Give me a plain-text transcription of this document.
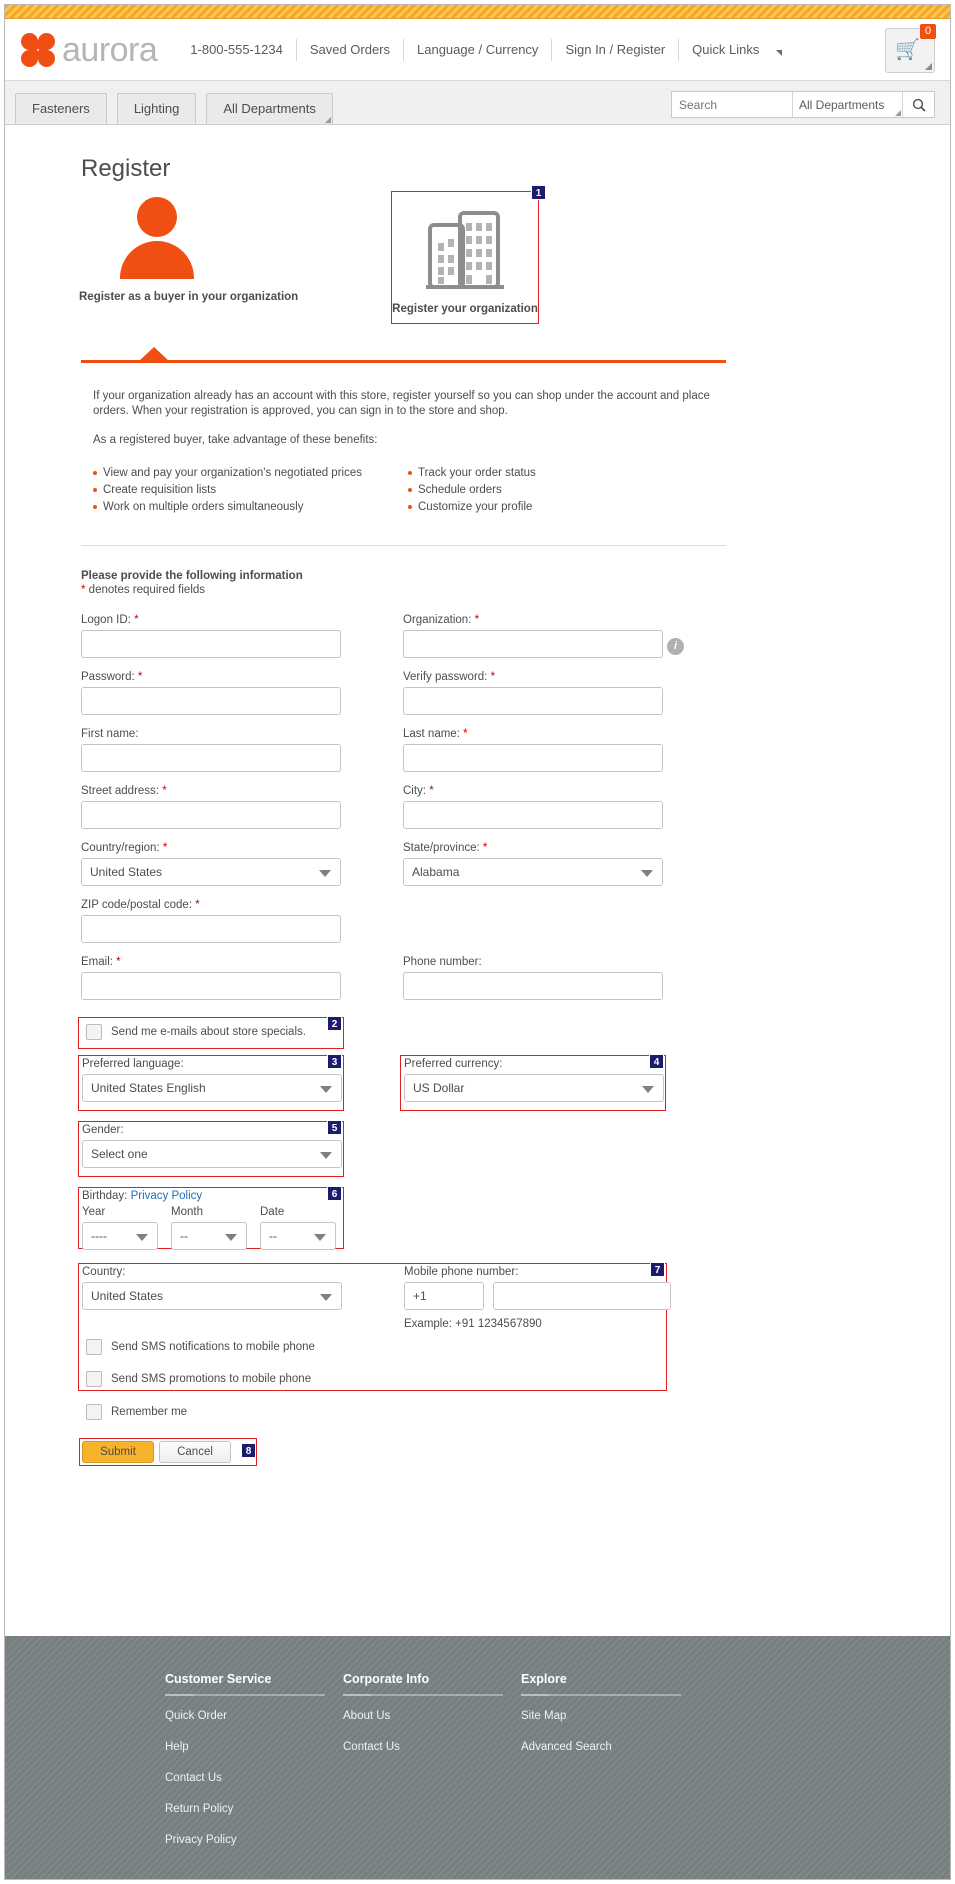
aurora	1-800-555-1234	Saved Orders	Language / Currency	Sign In / Register	Quick Links	🛒
0
Fasteners	Lighting	All Departments
Search	All Departments
Register
Register as a buyer in your organization
1
Register your organization

If your organization already has an account with this store, register yourself so you can shop under the account and place orders. When your registration is approved, you can sign in to the store and shop.

As a registered buyer, take advantage of these benefits:

View and pay your organization's negotiated prices
Create requisition lists
Work on multiple orders simultaneously
Track your order status
Schedule orders
Customize your profile
Please provide the following information
* denotes required fields
Logon ID: *	Organization: *
i
Password: *	Verify password: *
First name:	Last name: *
Street address: *	City: *
Country/region: *
United States
State/province: *
Alabama
ZIP code/postal code: *
Email: *	Phone number:
2
Send me e-mails about store specials.
3
Preferred language:
United States English
4
Preferred currency:
US Dollar
5
Gender:
Select one
6
Birthday: Privacy Policy
Year
----
Month
--
Date
--
7
Country:
United States
Mobile phone number:
+1
Example: +91 1234567890
Send SMS notifications to mobile phone
Send SMS promotions to mobile phone
Remember me
8
Submit	Cancel
Customer Service
Quick Order
Help
Contact Us
Return Policy
Privacy Policy
Corporate Info
About Us
Contact Us
Explore
Site Map
Advanced Search
